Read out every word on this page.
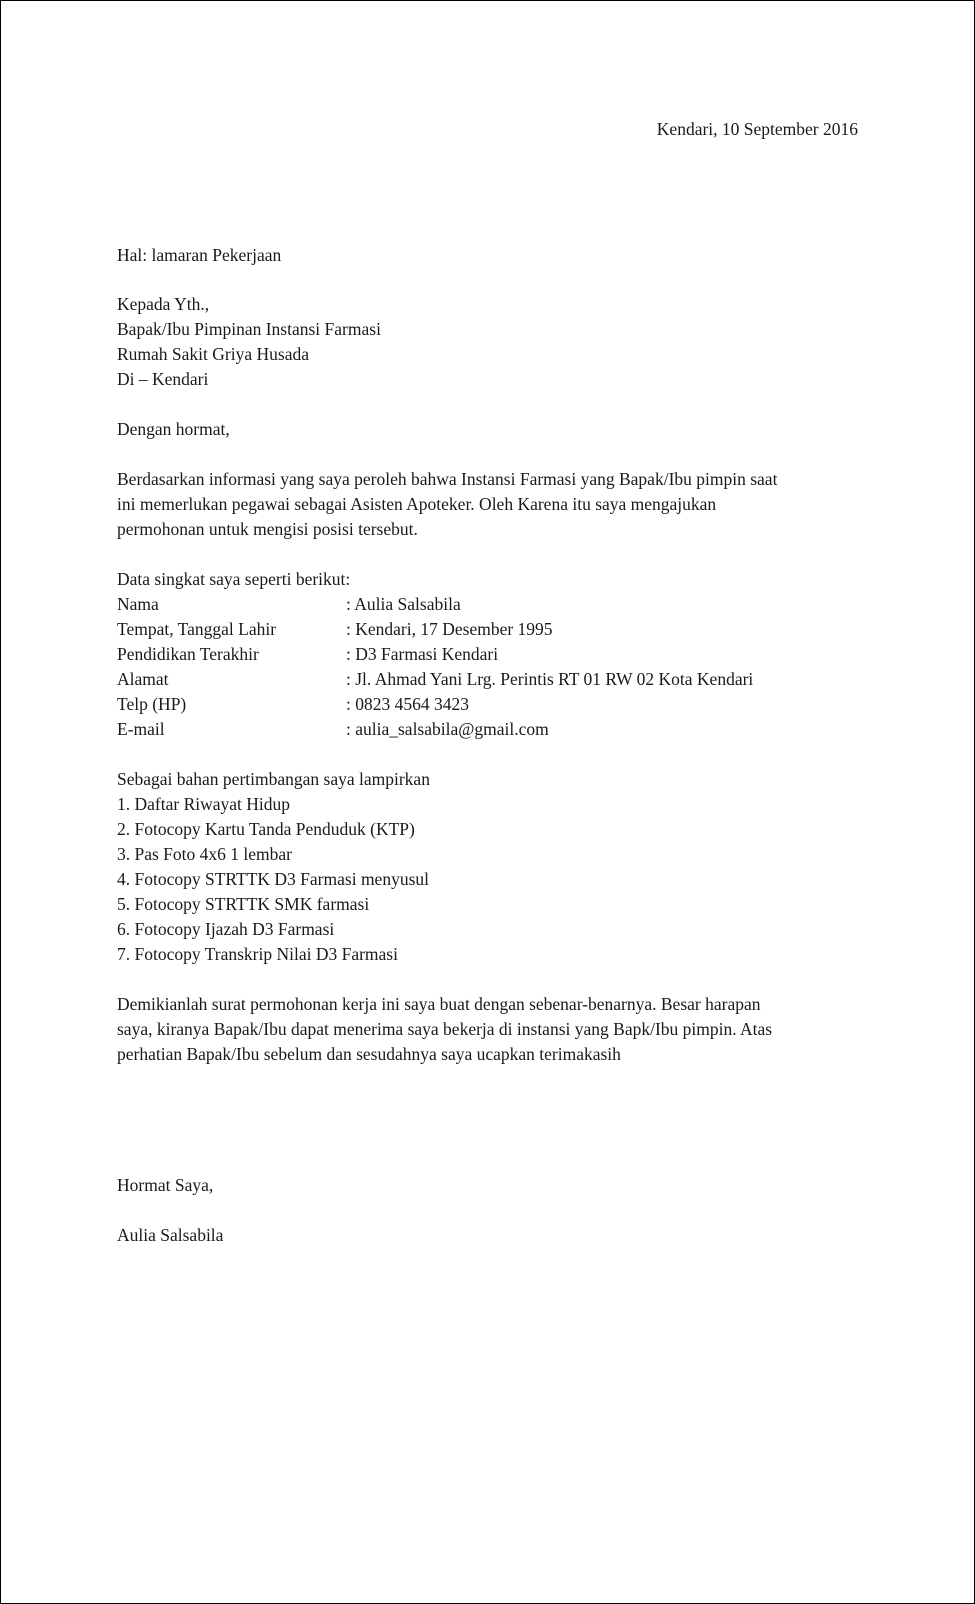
Kendari, 10 September 2016
Hal: lamaran Pekerjaan
Kepada Yth.,
Bapak/Ibu Pimpinan Instansi Farmasi
Rumah Sakit Griya Husada
Di – Kendari
Dengan hormat,
Berdasarkan informasi yang saya peroleh bahwa Instansi Farmasi yang Bapak/Ibu pimpin saat
ini memerlukan pegawai sebagai Asisten Apoteker. Oleh Karena itu saya mengajukan
permohonan untuk mengisi posisi tersebut.
Data singkat saya seperti berikut:
Nama	: Aulia Salsabila
Tempat, Tanggal Lahir	: Kendari, 17 Desember 1995
Pendidikan Terakhir	: D3 Farmasi Kendari
Alamat	: Jl. Ahmad Yani Lrg. Perintis RT 01 RW 02 Kota Kendari
Telp (HP)	: 0823 4564 3423
E-mail	: aulia_salsabila@gmail.com
Sebagai bahan pertimbangan saya lampirkan
1. Daftar Riwayat Hidup
2. Fotocopy Kartu Tanda Penduduk (KTP)
3. Pas Foto 4x6 1 lembar
4. Fotocopy STRTTK D3 Farmasi menyusul
5. Fotocopy STRTTK SMK farmasi
6. Fotocopy Ijazah D3 Farmasi
7. Fotocopy Transkrip Nilai D3 Farmasi
Demikianlah surat permohonan kerja ini saya buat dengan sebenar-benarnya. Besar harapan
saya, kiranya Bapak/Ibu dapat menerima saya bekerja di instansi yang Bapk/Ibu pimpin. Atas
perhatian Bapak/Ibu sebelum dan sesudahnya saya ucapkan terimakasih
Hormat Saya,
Aulia Salsabila
